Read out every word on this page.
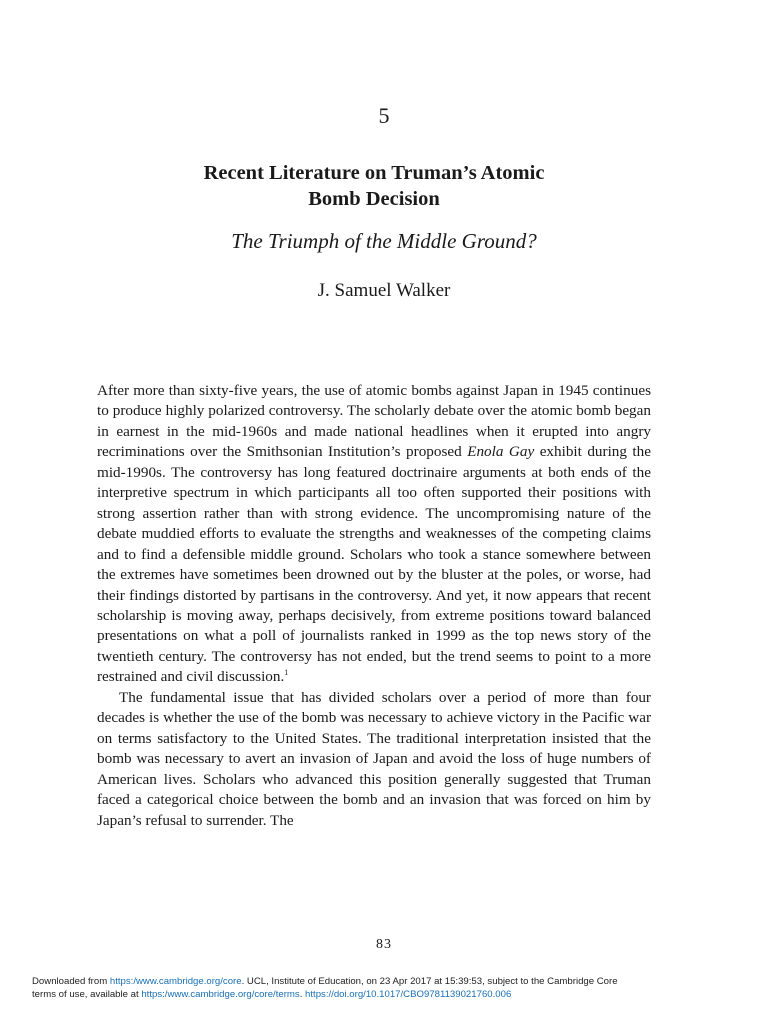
5
Recent Literature on Truman’s Atomic
Bomb Decision
The Triumph of the Middle Ground?
J. Samuel Walker

After more than sixty-five years, the use of atomic bombs against Japan in 1945 continues to produce highly polarized controversy. The scholarly debate over the atomic bomb began in earnest in the mid-1960s and made national headlines when it erupted into angry recriminations over the Smithsonian Institution’s proposed Enola Gay exhibit during the mid-1990s. The controversy has long featured doctrinaire arguments at both ends of the interpretive spectrum in which participants all too often supported their positions with strong assertion rather than with strong evidence. The uncompromising nature of the debate muddied efforts to evaluate the strengths and weaknesses of the competing claims and to find a defensible middle ground. Scholars who took a stance somewhere between the extremes have sometimes been drowned out by the bluster at the poles, or worse, had their findings distorted by partisans in the controversy. And yet, it now appears that recent scholarship is moving away, perhaps decisively, from extreme positions toward balanced presentations on what a poll of journalists ranked in 1999 as the top news story of the twentieth century. The controversy has not ended, but the trend seems to point to a more restrained and civil discussion.$^1$

The fundamental issue that has divided scholars over a period of more than four decades is whether the use of the bomb was necessary to achieve victory in the Pacific war on terms satisfactory to the United States. The traditional interpretation insisted that the bomb was necessary to avert an invasion of Japan and avoid the loss of huge numbers of American lives. Scholars who advanced this position generally suggested that Truman faced a categorical choice between the bomb and an invasion that was forced on him by Japan’s refusal to surrender. The

83
Downloaded from https:/www.cambridge.org/core. UCL, Institute of Education, on 23 Apr 2017 at 15:39:53, subject to the Cambridge Core
terms of use, available at https:/www.cambridge.org/core/terms. https://doi.org/10.1017/CBO9781139021760.006
